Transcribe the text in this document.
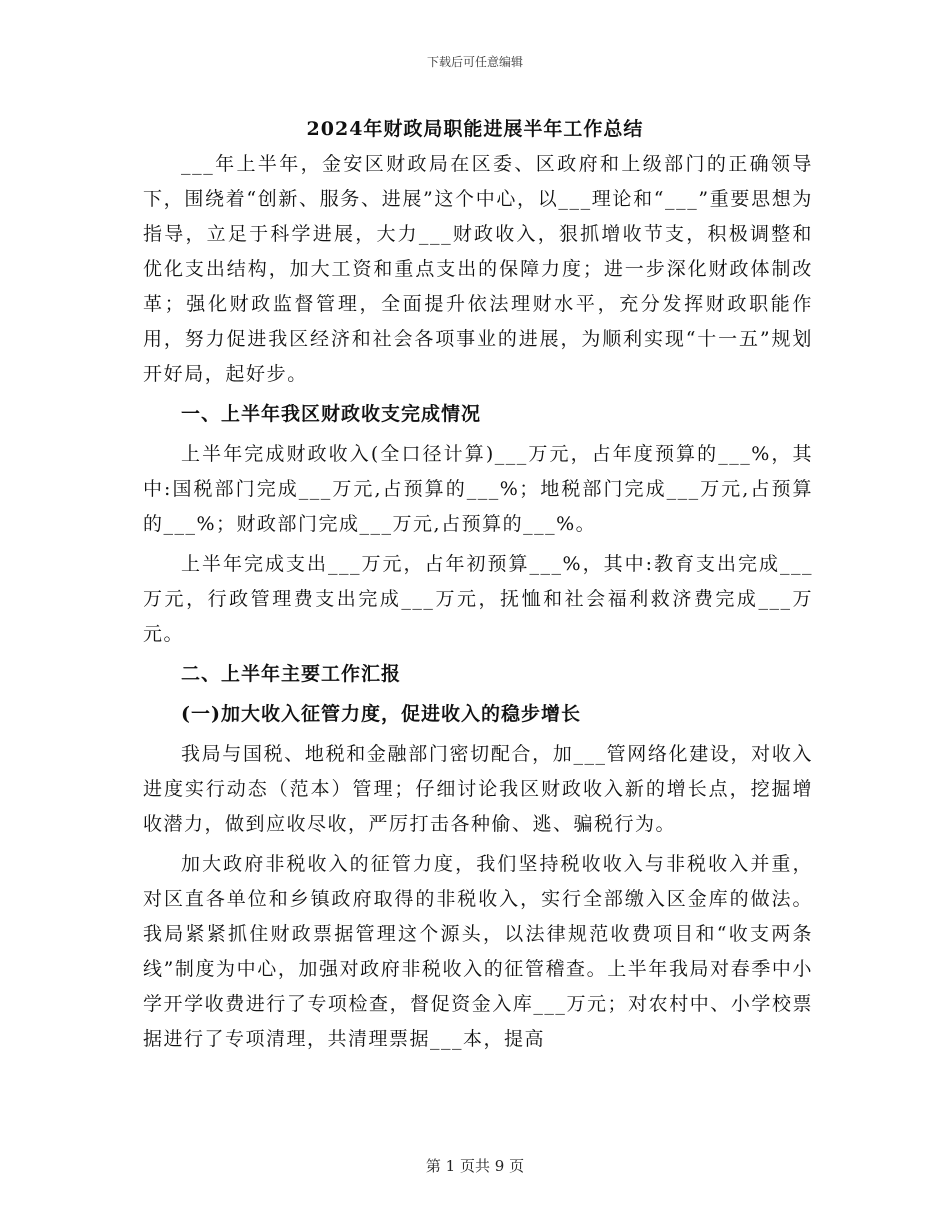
下载后可任意编辑
2024年财政局职能进展半年工作总结

___年上半年，金安区财政局在区委、区政府和上级部门的正确领导下，围绕着“创新、服务、进展”这个中心，以___理论和“___”重要思想为指导，立足于科学进展，大力___财政收入，狠抓增收节支，积极调整和优化支出结构，加大工资和重点支出的保障力度；进一步深化财政体制改革；强化财政监督管理，全面提升依法理财水平，充分发挥财政职能作用，努力促进我区经济和社会各项事业的进展，为顺利实现“十一五”规划开好局，起好步。

一、上半年我区财政收支完成情况

上半年完成财政收入(全口径计算)___万元，占年度预算的___%，其中:国税部门完成___万元,占预算的___%；地税部门完成___万元,占预算的___%；财政部门完成___万元,占预算的___%。

上半年完成支出___万元，占年初预算___%，其中:教育支出完成___万元，行政管理费支出完成___万元，抚恤和社会福利救济费完成___万元。

二、上半年主要工作汇报

(一)加大收入征管力度，促进收入的稳步增长

我局与国税、地税和金融部门密切配合，加___管网络化建设，对收入进度实行动态（范本）管理；仔细讨论我区财政收入新的增长点，挖掘增收潜力，做到应收尽收，严厉打击各种偷、逃、骗税行为。

加大政府非税收入的征管力度，我们坚持税收收入与非税收入并重，对区直各单位和乡镇政府取得的非税收入，实行全部缴入区金库的做法。我局紧紧抓住财政票据管理这个源头，以法律规范收费项目和“收支两条线”制度为中心，加强对政府非税收入的征管稽查。上半年我局对春季中小学开学收费进行了专项检查，督促资金入库___万元；对农村中、小学校票据进行了专项清理，共清理票据___本，提高

第 1 页共 9 页
